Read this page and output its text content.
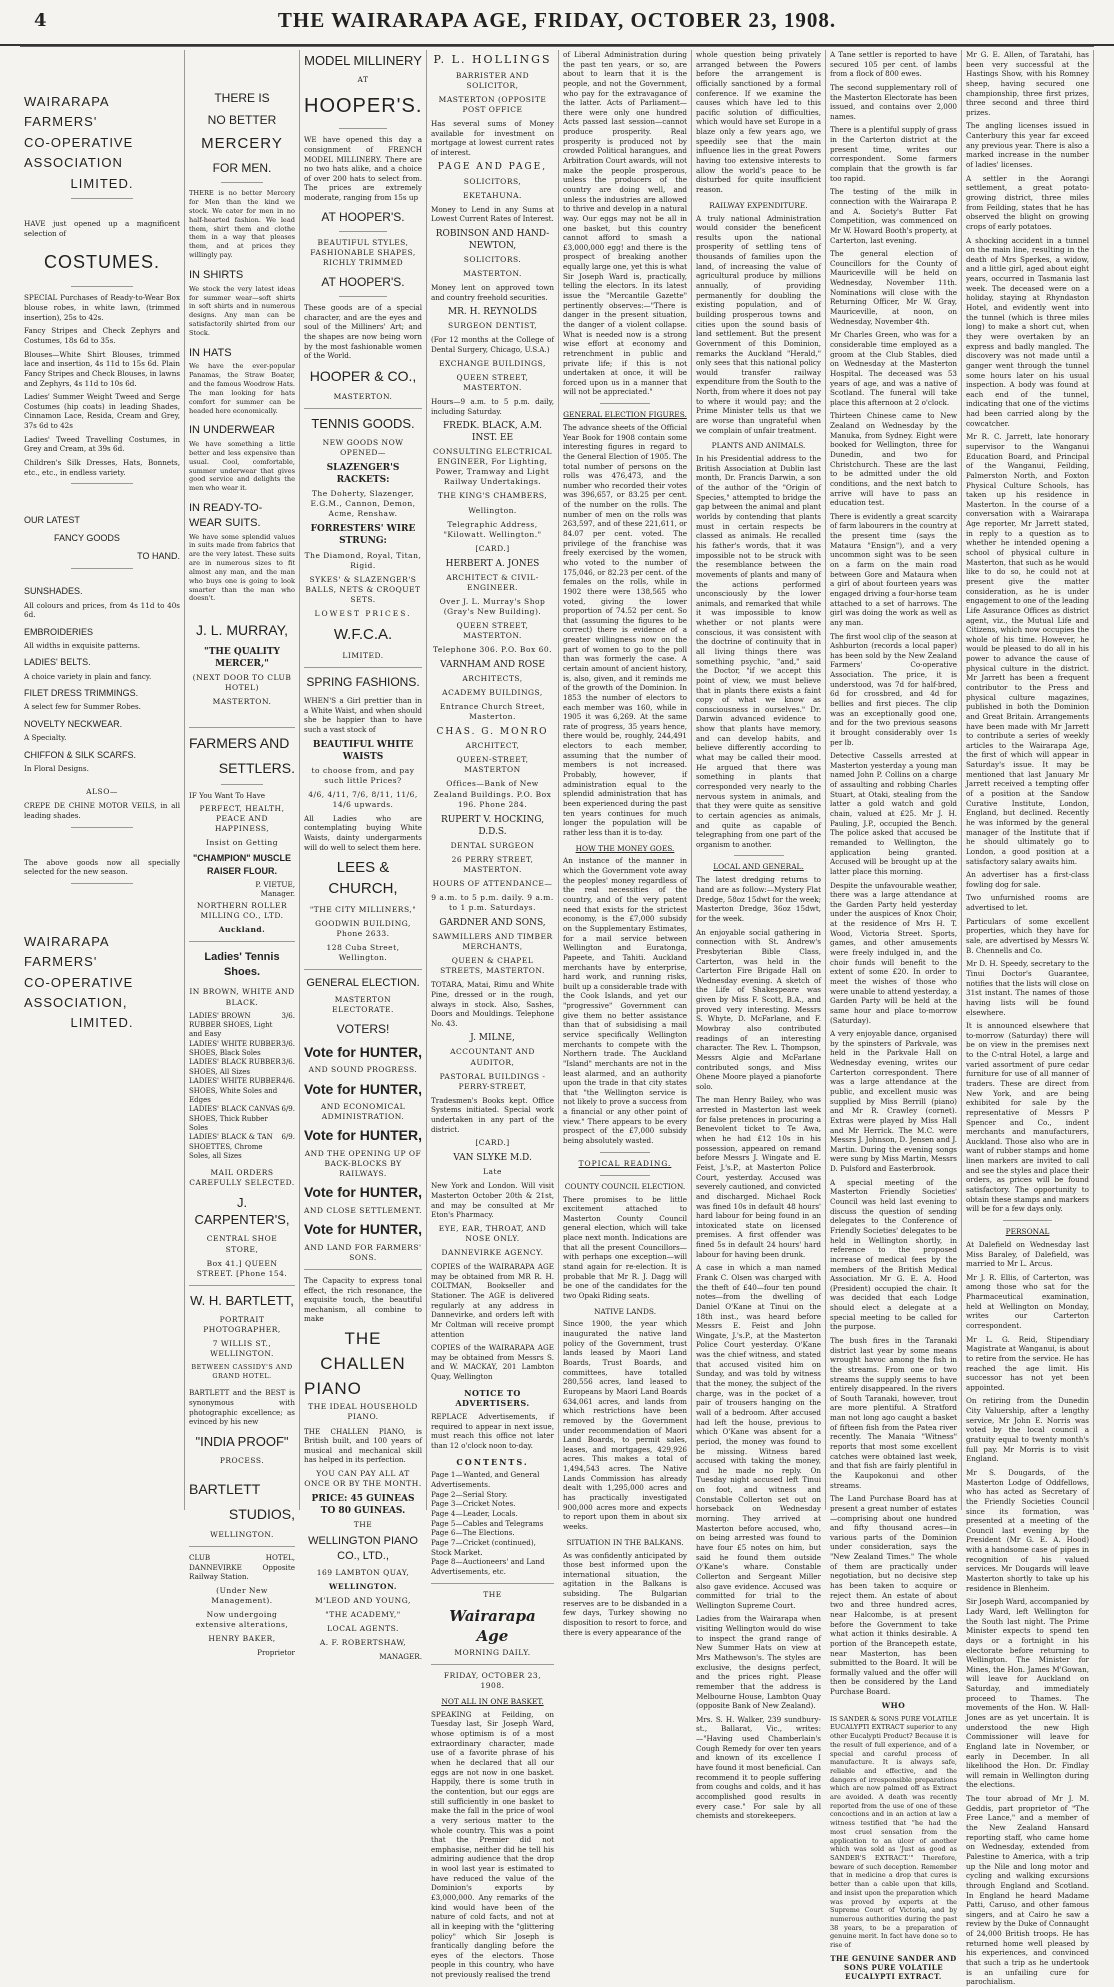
4	THE WAIRARAPA AGE, FRIDAY, OCTOBER 23, 1908.
WAIRARAPA
FARMERS'
CO-OPERATIVE
ASSOCIATION
LIMITED.

HAVE just opened up a magnificent selection of

COSTUMES.

SPECIAL Purchases of Ready-to-Wear Box blouse robes, in white lawn, (trimmed insertion), 25s to 42s.

Fancy Stripes and Check Zephyrs and Costumes, 18s 6d to 35s.

Blouses—White Shirt Blouses, trimmed lace and insertion, 4s 11d to 15s 6d. Plain Fancy Stripes and Check Blouses, in lawns and Zephyrs, 4s 11d to 10s 6d.

Ladies' Summer Weight Tweed and Serge Costumes (hip coats) in leading Shades, Cinnamon Lace, Resida, Cream and Grey, 37s 6d to 42s

Ladies' Tweed Travelling Costumes, in Grey and Cream, at 39s 6d.

Children's Silk Dresses, Hats, Bonnets, etc., etc., in endless variety.

OUR LATEST
FANCY GOODS
TO HAND.
SUNSHADES.

All colours and prices, from 4s 11d to 40s 6d.

EMBROIDERIES

All widths in exquisite patterns.

LADIES' BELTS.

A choice variety in plain and fancy.

FILET DRESS TRIMMINGS.

A select few for Summer Robes.

NOVELTY NECKWEAR.

A Specialty.

CHIFFON & SILK SCARFS.

In Floral Designs.

ALSO—

CREPE DE CHINE MOTOR VEILS, in all leading shades.

The above goods now all specially selected for the new season.

WAIRARAPA
FARMERS'
CO-OPERATIVE
ASSOCIATION,
LIMITED.
THERE IS
NO BETTER
MERCERY
FOR MEN.

THERE is no better Mercery for Men than the kind we stock. We cater for men in no half-hearted fashion. We lead them, shirt them and clothe them in a way that pleases them, and at prices they willingly pay.

IN SHIRTS

We stock the very latest ideas for summer wear—soft shirts in soft shirts and in numerous designs. Any man can be satisfactorily shirted from our Stock.

IN HATS

We have the ever-popular Panamas, the Straw Boater, and the famous Woodrow Hats. The man looking for hats comfort for summer can be headed here economically.

IN UNDERWEAR

We have something a little better and less expensive than usual. Cool, comfortable, summer underwear that gives good service and delights the men who wear it.

IN READY-TO-WEAR SUITS.

We have some splendid values in suits made from fabrics that are the very latest. These suits are in numerous sizes to fit almost any man, and the man who buys one is going to look smarter than the man who doesn't.

J. L. MURRAY,
"THE QUALITY MERCER,"
(NEXT DOOR TO CLUB HOTEL)
MASTERTON.
FARMERS AND
SETTLERS.

IF You Want To Have

PERFECT, HEALTH, PEACE AND HAPPINESS,
Insist on Getting
"CHAMPION" MUSCLE RAISER FLOUR.
P. VIETUE,
Manager.
NORTHERN ROLLER MILLING CO., LTD.
Auckland.
Ladies' Tennis Shoes.
IN BROWN, WHITE AND BLACK.
LADIES' BROWN RUBBER SHOES, Light and Easy
3/6.
LADIES' WHITE RUBBER SHOES, Black Soles
3/6.
LADIES' BLACK RUBBER SHOES, All Sizes
3/6.
LADIES' WHITE RUBBER SHOES, White Soles and Edges
4/6.
LADIES' BLACK CANVAS SHOES, Thick Rubber Soles
6/9.
LADIES' BLACK & TAN SHOETTES, Chrome Soles, all Sizes
6/9.
MAIL ORDERS CAREFULLY SELECTED.
J. CARPENTER'S,
CENTRAL SHOE STORE,
Box 41.] QUEEN STREET. [Phone 154.
W. H. BARTLETT,
PORTRAIT PHOTOGRAPHER,
7 WILLIS ST., WELLINGTON.
BETWEEN CASSIDY'S AND GRAND HOTEL.

BARTLETT and the BEST is synonymous with photographic excellence; as evinced by his new

"INDIA PROOF"
PROCESS.
BARTLETT
STUDIOS,
WELLINGTON.

CLUB HOTEL, DANNEVIRKE Opposite Railway Station.

(Under New Management).
Now undergoing extensive alterations,
HENRY BAKER,
Proprietor
MODEL MILLINERY
AT
HOOPER'S.

WE have opened this day a consignment of FRENCH MODEL MILLINERY. There are no two hats alike, and a choice of over 200 hats to select from. The prices are extremely moderate, ranging from 15s up

AT HOOPER'S.
BEAUTIFUL STYLES, FASHIONABLE SHAPES, RICHLY TRIMMED
AT HOOPER'S.

These goods are of a special character, and are the eyes and soul of the Milliners' Art; and the shapes are now being worn by the most fashionable women of the World.

HOOPER & CO.,
MASTERTON.
TENNIS GOODS.
NEW GOODS NOW OPENED—
SLAZENGER'S RACKETS:
The Doherty, Slazenger, E.G.M., Cannon, Demon, Acme, Renshaw.
FORRESTERS' WIRE STRUNG:
The Diamond, Royal, Titan, Rigid.
SYKES' & SLAZENGER'S BALLS, NETS & CROQUET SETS.
LOWEST PRICES.
W.F.C.A.
LIMITED.
SPRING FASHIONS.

WHEN'S a Girl prettier than in a White Waist, and when should she be happier than to have such a vast stock of

BEAUTIFUL WHITE WAISTS
to choose from, and pay such little Prices?
4/6, 4/11, 7/6, 8/11, 11/6, 14/6 upwards.

All Ladies who are contemplating buying White Waists, dainty undergarments will do well to select them here.

LEES & CHURCH,
"THE CITY MILLINERS,"
GOODWIN BUILDING, Phone 2633.
128 Cuba Street, Wellington.
GENERAL ELECTION.
MASTERTON ELECTORATE.
VOTERS!
Vote for HUNTER,
AND SOUND PROGRESS.
Vote for HUNTER,
AND ECONOMICAL ADMINISTRATION.
Vote for HUNTER,
AND THE OPENING UP OF BACK-BLOCKS BY RAILWAYS.
Vote for HUNTER,
AND CLOSE SETTLEMENT.
Vote for HUNTER,
AND LAND FOR FARMERS' SONS.

The Capacity to express tonal effect, the rich resonance, the exquisite touch, the beautiful mechanism, all combine to make

THE
CHALLEN
PIANO
THE IDEAL HOUSEHOLD PIANO.

THE CHALLEN PIANO, is British built, and 100 years of musical and mechanical skill has helped in its perfection.

YOU CAN PAY ALL AT ONCE OR BY THE MONTH.
PRICE: 45 GUINEAS TO 80 GUINEAS.
THE
WELLINGTON PIANO CO., LTD.,
169 LAMBTON QUAY,
WELLINGTON.
M'LEOD AND YOUNG,
"THE ACADEMY,"
LOCAL AGENTS.
A. F. ROBERTSHAW,
MANAGER.
P. L. HOLLINGS
BARRISTER AND SOLICITOR,
MASTERTON (OPPOSITE POST OFFICE

Has several sums of Money available for investment on mortgage at lowest current rates of interest.

PAGE AND PAGE,
SOLICITORS,
EKETAHUNA.

Money to Lend in any Sums at Lowest Current Rates of Interest.

ROBINSON AND HAND-NEWTON,
SOLICITORS.
MASTERTON.

Money lent on approved town and country freehold securities.

MR. H. REYNOLDS
SURGEON DENTIST,

(For 12 months at the College of Dental Surgery, Chicago, U.S.A.)

EXCHANGE BUILDINGS,
QUEEN STREET, MASTERTON.

Hours—9 a.m. to 5 p.m. daily, including Saturday.

FREDK. BLACK, A.M. INST. EE
CONSULTING ELECTRICAL ENGINEER, For Lighting, Power, Tramway and Light Railway Undertakings.
THE KING'S CHAMBERS,
Wellington.
Telegraphic Address, "Kilowatt. Wellington."
[CARD.]
HERBERT A. JONES
ARCHITECT & CIVIL-ENGINEER.
Over J. L. Murray's Shop (Gray's New Building).
QUEEN STREET, MASTERTON.
Telephone 306. P.O. Box 60.
VARNHAM AND ROSE
ARCHITECTS,
ACADEMY BUILDINGS,
Entrance Church Street, Masterton.
CHAS. G. MONRO
ARCHITECT,
QUEEN-STREET, MASTERTON
Offices—Bank of New Zealand Buildings. P.O. Box 196. Phone 284.
RUPERT V. HOCKING, D.D.S.
DENTAL SURGEON
26 PERRY STREET, MASTERTON.
HOURS OF ATTENDANCE—
9 a.m. to 5 p.m. daily. 9 a.m. to 1 p.m. Saturdays.
GARDNER AND SONS,
SAWMILLERS AND TIMBER MERCHANTS,
QUEEN & CHAPEL STREETS, MASTERTON.

TOTARA, Matai, Rimu and White Pine, dressed or in the rough, always in stock. Also, Sashes, Doors and Mouldings. Telephone No. 43.

J. MILNE,
ACCOUNTANT AND AUDITOR,
PASTORAL BUILDINGS - PERRY-STREET,

Tradesmen's Books kept. Office Systems initiated. Special work undertaken in any part of the district.

[CARD.]
VAN SLYKE M.D.
Late

New York and London. Will visit Masterton October 20th & 21st, and may be consulted at Mr Eton's Pharmacy.

EYE, EAR, THROAT, AND NOSE ONLY.
DANNEVIRKE AGENCY.

COPIES of the WAIRARAPA AGE may be obtained from MR R. H. COLTMAN, Bookseller and Stationer. The AGE is delivered regularly at any address in Dannevirke, and orders left with Mr Coltman will receive prompt attention

COPIES of the WAIRARAPA AGE may be obtained from Messrs S. and W. MACKAY, 201 Lambton Quay, Wellington

NOTICE TO ADVERTISERS.

REPLACE Advertisements, if required to appear in next issue, must reach this office not later than 12 o'clock noon to-day.

CONTENTS.
Page 1—Wanted, and General Advertisements.
Page 2—Serial Story.
Page 3—Cricket Notes.
Page 4—Leader, Locals.
Page 5—Cables and Telegrams
Page 6—The Elections.
Page 7—Cricket (continued), Stock Market.
Page 8—Auctioneers' and Land Advertisements, etc.
THE
Wairarapa Age
MORNING DAILY.
FRIDAY, OCTOBER 23, 1908.
NOT ALL IN ONE BASKET.

SPEAKING at Feilding, on Tuesday last, Sir Joseph Ward, whose optimism is of a most extraordinary character, made use of a favorite phrase of his when he declared that all our eggs are not now in one basket. Happily, there is some truth in the contention, but our eggs are still sufficiently in one basket to make the fall in the price of wool a very serious matter to the whole country. This was a point that the Premier did not emphasise, neither did he tell his admiring audience that the drop in wool last year is estimated to have reduced the value of the Dominion's exports by £3,000,000. Any remarks of the kind would have been of the nature of cold facts, and not at all in keeping with the "glittering policy" which Sir Joseph is frantically dangling before the eyes of the electors. Those people in this country, who have not previously realised the trend

of Liberal Administration during the past ten years, or so, are about to learn that it is the people, and not the Government, who pay for the extravagance of the latter. Acts of Parliament—there were only one hundred Acts passed last session—cannot produce prosperity. Real prosperity is produced not by crowded Political harangues, and Arbitration Court awards, will not make the people prosperous, unless the producers of the country are doing well, and unless the industries are allowed to thrive and develop in a natural way. Our eggs may not be all in one basket, but this country cannot afford to smash a £3,000,000 egg! and there is the prospect of breaking another equally large one, yet this is what Sir Joseph Ward is, practically, telling the electors. In its latest issue the "Mercantile Gazette" pertinently observes:—"There is danger in the present situation, the danger of a violent collapse. What is needed now is a strong wise effort at economy and retrenchment in public and private life; if this is not undertaken at once, it will be forced upon us in a manner that will not be appreciated."

GENERAL ELECTION FIGURES.

The advance sheets of the Official Year Book for 1908 contain some interesting figures in regard to the General Election of 1905. The total number of persons on the rolls was 476,473, and the number who recorded their votes was 396,657, or 83.25 per cent. of the number on the rolls. The number of men on the rolls was 263,597, and of these 221,611, or 84.07 per cent. voted. The privilege of the franchise was freely exercised by the women, who voted to the number of 175,046, or 82.23 per cent. of the females on the rolls, while in 1902 there were 138,565 who voted, giving the lower proportion of 74.52 per cent. So that (assuming the figures to be correct) there is evidence of a greater willingness now on the part of women to go to the poll than was formerly the case. A certain amount of ancient history, is, also, given, and it reminds me of the growth of the Dominion. In 1853 the number of electors to each member was 160, while in 1905 it was 6,269. At the same rate of progress, 35 years hence, there would be, roughly, 244,491 electors to each member, assuming that the number of members is not increased. Probably, however, if administration equal to the splendid administration that has been experienced during the past ten years continues for much longer the population will be rather less than it is to-day.

HOW THE MONEY GOES.

An instance of the manner in which the Government vote away the peoples' money regardless of the real necessities of the country, and of the very patent need that exists for the strictest economy, is the £7,000 subsidy on the Supplementary Estimates, for a mail service between Wellington and Euratonga, Papeete, and Tahiti. Auckland merchants have by enterprise, hard work, and running risks, built up a considerable trade with the Cook Islands, and yet our "progressive" Government can give them no better assistance than that of subsidising a mail service specifically Wellington merchants to compete with the Northern trade. The Auckland "Island" merchants are not in the least alarmed, and an authority upon the trade in that city states that "the Wellington service is not likely to prove a success from a financial or any other point of view." There appears to be every prospect of the £7,000 subsidy being absolutely wasted.

TOPICAL READING.
COUNTY COUNCIL ELECTION.

There promises to be little excitement attached to Masterton County Council general election, which will take place next month. Indications are that all the present Councillors—with perhaps one exception—will stand again for re-election. It is probable that Mr R. J. Dagg will be one of the candidates for the two Opaki Riding seats.

NATIVE LANDS.

Since 1900, the year which inaugurated the native land policy of the Government, trust lands leased by Maori Land Boards, Trust Boards, and committees, have totalled 280,556 acres, land leased to Europeans by Maori Land Boards 634,061 acres, and lands from which restrictions have been removed by the Government under recommendation of Maori Land Boards, to permit sales, leases, and mortgages, 429,926 acres. This makes a total of 1,494,543 acres. The Native Lands Commission has already dealt with 1,295,000 acres and has practically investigated 900,000 acres more and expects to report upon them in about six weeks.

SITUATION IN THE BALKANS.

As was confidently anticipated by those best informed upon the international situation, the agitation in the Balkans is subsiding. The Bulgarian reserves are to be disbanded in a few days, Turkey showing no disposition to resort to force, and there is every appearance of the

whole question being privately arranged between the Powers before the arrangement is officially sanctioned by a formal conference. If we examine the causes which have led to this pacific solution of difficulties, which would have set Europe in a blaze only a few years ago, we speedily see that the main influence lies in the great Powers having too extensive interests to allow the world's peace to be disturbed for quite insufficient reason.

RAILWAY EXPENDITURE.

A truly national Administration would consider the beneficent results upon the national prosperity of settling tens of thousands of families upon the land, of increasing the value of agricultural produce by millions annually, of providing permanently for doubling the existing population, and of building prosperous towns and cities upon the sound basis of land settlement. But the present Government of this Dominion, remarks the Auckland "Herald," only sees that this national policy would transfer railway expenditure from the South to the North, from where it does not pay to where it would pay; and the Prime Minister tells us that we are worse than ungrateful when we complain of unfair treatment.

PLANTS AND ANIMALS.

In his Presidential address to the British Association at Dublin last month, Dr. Francis Darwin, a son of the author of the "Origin of Species," attempted to bridge the gap between the animal and plant worlds by contending that plants must in certain respects be classed as animals. He recalled his father's words, that it was impossible not to be struck with the resemblance between the movements of plants and many of the actions performed unconsciously by the lower animals, and remarked that while it was impossible to know whether or not plants were conscious, it was consistent with the doctrine of continuity that in all living things there was something psychic, "and," said the Doctor, "if we accept this point of view, we must believe that in plants there exists a faint copy of what we know as consciousness in ourselves." Dr. Darwin advanced evidence to show that plants have memory, and can develop habits, and believe differently according to what may be called their mood. He argued that there was something in plants that corresponded very nearly to the nervous system in animals, and that they were quite as sensitive to certain agencies as animals, and quite as capable of telegraphing from one part of the organism to another.

LOCAL AND GENERAL.

The latest dredging returns to hand are as follow:—Mystery Flat Dredge, 58oz 15dwt for the week; Masterton Dredge, 36oz 15dwt, for the week.

An enjoyable social gathering in connection with St. Andrew's Presbyterian Bible Class, Carterton, was held in the Carterton Fire Brigade Hall on Wednesday evening. A sketch of the Life of Shakespeare was given by Miss F. Scott, B.A., and proved very interesting. Messrs S. Whyte, D. McFarlane, and F. Mowbray also contributed readings of an interesting character. The Rev. L. Thompson, Messrs Algie and McFarlane contributed songs, and Miss Ohene Moore played a pianoforte solo.

The man Henry Bailey, who was arrested in Masterton last week for false pretences in procuring a Benevolent ticket to Te Awa, when he had £12 10s in his possession, appeared on remand before Messrs J. Wingate and E. Feist, J.'s.P., at Masterton Police Court, yesterday. Accused was severely cautioned, and convicted and discharged. Michael Rock was fined 10s in default 48 hours' hard labour for being found in an intoxicated state on licensed premises. A first offender was fined 5s in default 24 hours' hard labour for having been drunk.

A case in which a man named Frank C. Olsen was charged with the theft of £40—four ten pound notes—from the dwelling of Daniel O'Kane at Tinui on the 18th inst., was heard before Messrs E. Feist and John Wingate, J.'s.P., at the Masterton Police Court yesterday. O'Kane was the chief witness, and stated that accused visited him on Sunday, and was told by witness that the money, the subject of the charge, was in the pocket of a pair of trousers hanging on the wall of a bedroom. After accused had left the house, previous to which O'Kane was absent for a period, the money was found to be missing. Witness bared accused with taking the money, and he made no reply. On Tuesday night accused left Tinui on foot, and witness and Constable Collerton set out on horseback on Wednesday morning. They arrived at Masterton before accused, who, on being arrested was found to have four £5 notes on him, but said he found them outside O'Kane's whare. Constable Collerton and Sergeant Miller also gave evidence. Accused was committed for trial to the Wellington Supreme Court.

Ladies from the Wairarapa when visiting Wellington would do wise to inspect the grand range of New Summer Hats on view at Mrs Mathewson's. The styles are exclusive, the designs perfect, and the prices right. Please remember that the address is Melbourne House, Lambton Quay (opposite Bank of New Zealand).

Mrs. S. H. Walker, 239 sundbury-st., Ballarat, Vic., writes:—"Having used Chamberlain's Cough Remedy for over ten years and known of its excellence I have found it most beneficial. Can recommend it to people suffering from coughs and colds, and it has accomplished good results in every case." For sale by all chemists and storekeepers.

A Tane settler is reported to have secured 105 per cent. of lambs from a flock of 800 ewes.

The second supplementary roll of the Masterton Electorate has been issued, and contains over 2,000 names.

There is a plentiful supply of grass in the Carterton district at the present time, writes our correspondent. Some farmers complain that the growth is far too rapid.

The testing of the milk in connection with the Wairarapa P. and A. Society's Butter Fat Competition, was commenced on Mr W. Howard Booth's property, at Carterton, last evening.

The general election of Councillors for the County of Mauriceville will be held on Wednesday, November 11th. Nominations will close with the Returning Officer, Mr W. Gray, Mauriceville, at noon, on Wednesday, November 4th.

Mr Charles Green, who was for a considerable time employed as a groom at the Club Stables, died on Wednesday at the Masterton Hospital. The deceased was 53 years of age, and was a native of Scotland. The funeral will take place this afternoon at 2 o'clock.

Thirteen Chinese came to New Zealand on Wednesday by the Manuka, from Sydney. Eight were booked for Wellington, three for Dunedin, and two for Christchurch. These are the last to be admitted under the old conditions, and the next batch to arrive will have to pass an education test.

There is evidently a great scarcity of farm labourers in the country at the present time (says the Mataura "Ensign"), and a very uncommon sight was to be seen on a farm on the main road between Gore and Mataura when a girl of about fourteen years was engaged driving a four-horse team attached to a set of harrows. The girl was doing the work as well as any man.

The first wool clip of the season at Ashburton (records a local paper) has been sold by the New Zealand Farmers' Co-operative Association. The price, it is understood, was 7d for half-bred, 6d for crossbred, and 4d for bellies and first pieces. The clip was an exceptionally good one, and for the two previous seasons it brought considerably over 1s per lb.

Detective Cassells arrested at Masterton yesterday a young man named John P. Collins on a charge of assaulting and robbing Charles Stuart, at Otaki, stealing from the latter a gold watch and gold chain, valued at £25. Mr J. H. Pauling, J.P., occupied the Bench. The police asked that accused be remanded to Wellington, the application being granted. Accused will be brought up at the latter place this morning.

Despite the unfavourable weather, there was a large attendance at the Garden Party held yesterday under the auspices of Knox Choir, at the residence of Mrs H. T. Wood, Victoria Street. Sports, games, and other amusements were freely indulged in, and the choir funds will benefit to the extent of some £20. In order to meet the wishes of those who were unable to attend yesterday, a Garden Party will be held at the same hour and place to-morrow (Saturday).

A very enjoyable dance, organised by the spinsters of Parkvale, was held in the Parkvale Hall on Wednesday evening, writes our Carterton correspondent. There was a large attendance at the public, and excellent music was supplied by Miss Berrill (piano) and Mr R. Crawley (cornet). Extras were played by Miss Hall and Mr Herrick. The M.C. were Messrs J. Johnson, D. Jensen and J. Martin. During the evening songs were sung by Miss Martin, Messrs D. Pulsford and Easterbrook.

A special meeting of the Masterton Friendly Societies' Council was held last evening to discuss the question of sending delegates to the Conference of Friendly Societies' delegates to be held in Wellington shortly, in reference to the proposed increase of medical fees by the members of the British Medical Association. Mr G. E. A. Hood (President) occupied the chair. It was decided that each Lodge should elect a delegate at a special meeting to be called for the purpose.

The bush fires in the Taranaki district last year by some means wrought havoc among the fish in the streams. From one or two streams the supply seems to have entirely disappeared. In the rivers of South Taranaki, however, trout are more plentiful. A Stratford man not long ago caught a basket of fifteen fish from the Patea river recently. The Manaia "Witness" reports that most some excellent catches were obtained last week, and that fish are fairly plentiful in the Kaupokonui and other streams.

The Land Purchase Board has at present a great number of estates—comprising about one hundred and fifty thousand acres—in various parts of the Dominion under consideration, says the "New Zealand Times." The whole of them are practically under negotiation, but no decisive step has been taken to acquire or reject them. An estate of about two and three hundred acres, near Halcombe, is at present before the Government to take what action it thinks desirable. A portion of the Brancepeth estate, near Masterton, has been submitted to the Board. It will be formally valued and the offer will then be considered by the Land Purchase Board.

WHO

IS SANDER & SONS PURE VOLATILE EUCALYPTI EXTRACT superior to any other Eucalypti Product? Because it is the result of full experience, and of a special and careful process of manufacture. It is always safe, reliable and effective, and the dangers of irresponsible preparations which are now palmed off as Extract are avoided. A death was recently reported from the use of one of these concoctions and in an action at law a witness testified that "he had the most cruel sensation from the application to an ulcer of another which was sold as 'Just as good as SANDER'S EXTRACT.'" Therefore, beware of such deception. Remember that in medicine a drop that cures is better than a cable upon that kills, and insist upon the preparation which was proved by experts at the Supreme Court of Victoria, and by numerous authorities during the past 38 years, to be a preparation of genuine merit. In fact have done so to rise of

THE GENUINE SANDER AND SONS PURE VOLATILE EUCALYPTI EXTRACT.

Mr G. E. Allen, of Taratahi, has been very successful at the Hastings Show, with his Romney sheep, having secured one championship, three first prizes, three second and three third prizes.

The angling licenses issued in Canterbury this year far exceed any previous year. There is also a marked increase in the number of ladies' licenses.

A settler in the Aorangi settlement, a great potato-growing district, three miles from Feilding, states that he has observed the blight on growing crops of early potatoes.

A shocking accident in a tunnel on the main line, resulting in the death of Mrs Sperkes, a widow, and a little girl, aged about eight years, occurred in Tasmania last week. The deceased were on a holiday, staying at Rhyndaston Hotel, and evidently went into the tunnel (which is three miles long) to make a short cut, when they were overtaken by an express and badly mangled. The discovery was not made until a ganger went through the tunnel some hours later on his usual inspection. A body was found at each end of the tunnel, indicating that one of the victims had been carried along by the cowcatcher.

Mr R. C. Jarrett, late honorary supervisor to the Wanganui Education Board, and Principal of the Wanganui, Feilding, Palmerston North, and Foxton Physical Culture Schools, has taken up his residence in Masterton. In the course of a conversation with a Wairarapa Age reporter, Mr Jarrett stated, in reply to a question as to whether he intended opening a school of physical culture in Masterton, that such as he would like to do so, he could not at present give the matter consideration, as he is under engagement to one of the leading Life Assurance Offices as district agent, viz., the Mutual Life and Citizens, which now occupies the whole of his time. However, he would be pleased to do all in his power to advance the cause of physical culture in the district. Mr Jarrett has been a frequent contributor to the Press and physical culture magazines, published in both the Dominion and Great Britain. Arrangements have been made with Mr Jarrett to contribute a series of weekly articles to the Wairarapa Age, the first of which will appear in Saturday's issue. It may be mentioned that last January Mr Jarrett received a tempting offer of a position at the Sandow Curative Institute, London, England, but declined. Recently he was informed by the general manager of the Institute that if he should ultimately go to London, a good position at a satisfactory salary awaits him.

An advertiser has a first-class fowling dog for sale.

Two unfurnished rooms are advertised to let.

Particulars of some excellent properties, which they have for sale, are advertised by Messrs W. B. Chennells and Co.

Mr D. H. Speedy, secretary to the Tinui Doctor's Guarantee, notifies that the lists will close on 31st instant. The names of those having lists will be found elsewhere.

It is announced elsewhere that to-morrow (Saturday) there will be on view in the premises next to the C-ntral Hotel, a large and varied assortment of pure cedar furniture for use of all manner of traders. These are direct from New York, and are being exhibited for sale by the representative of Messrs P Spencer and Co., indent merchants and manufacturers, Auckland. Those also who are in want of rubber stamps and home linen markers are invited to call and see the styles and place their orders, as prices will be found satisfactory. The opportunity to obtain these stamps and markers will be for a few days only.

PERSONAL

At Dalefield on Wednesday last Miss Baraley, of Dalefield, was married to Mr L. Arcus.

Mr J. R. Ellis, of Carterton, was among those who sat for the Pharmaceutical examination, held at Wellington on Monday, writes our Carterton correspondent.

Mr L. G. Reid, Stipendiary Magistrate at Wanganui, is about to retire from the service. He has reached the age limit. His successor has not yet been appointed.

On retiring from the Dunedin City Valuership, after a lengthy service, Mr John E. Norris was voted by the local council a gratuity equal to twenty month's full pay. Mr Morris is to visit England.

Mr S. Dougards, of the Masterton Lodge of Oddfellows, who has acted as Secretary of the Friendly Societies Council since its formation, was presented at a meeting of the Council last evening by the President (Mr G. E. A. Hood) with a handsome case of pipes in recognition of his valued services. Mr Dougards will leave Masterton shortly to take up his residence in Blenheim.

Sir Joseph Ward, accompanied by Lady Ward, left Wellington for the South last night. The Prime Minister expects to spend ten days or a fortnight in his electorate before returning to Wellington. The Minister for Mines, the Hon. James M'Gowan, will leave for Auckland on Saturday, and immediately proceed to Thames. The movements of the Hon. W. Hall-Jones are as yet uncertain. It is understood the new High Commissioner will leave for England late in November, or early in December. In all likelihood the Hon. Dr. Findlay will remain in Wellington during the elections.

The tour abroad of Mr J. M. Geddis, part proprietor of "The Free Lance," and a member of the New Zealand Hansard reporting staff, who came home on Wednesday, extended from Palestine to America, with a trip up the Nile and long motor and cycling and walking excursions through England and Scotland. In England he heard Madame Patti, Caruso, and other famous singers, and at Cairo he saw a review by the Duke of Connaught of 24,000 British troops. He has returned home well pleased by his experiences, and convinced that such a trip as he undertook is an unfailing cure for parochialism.
